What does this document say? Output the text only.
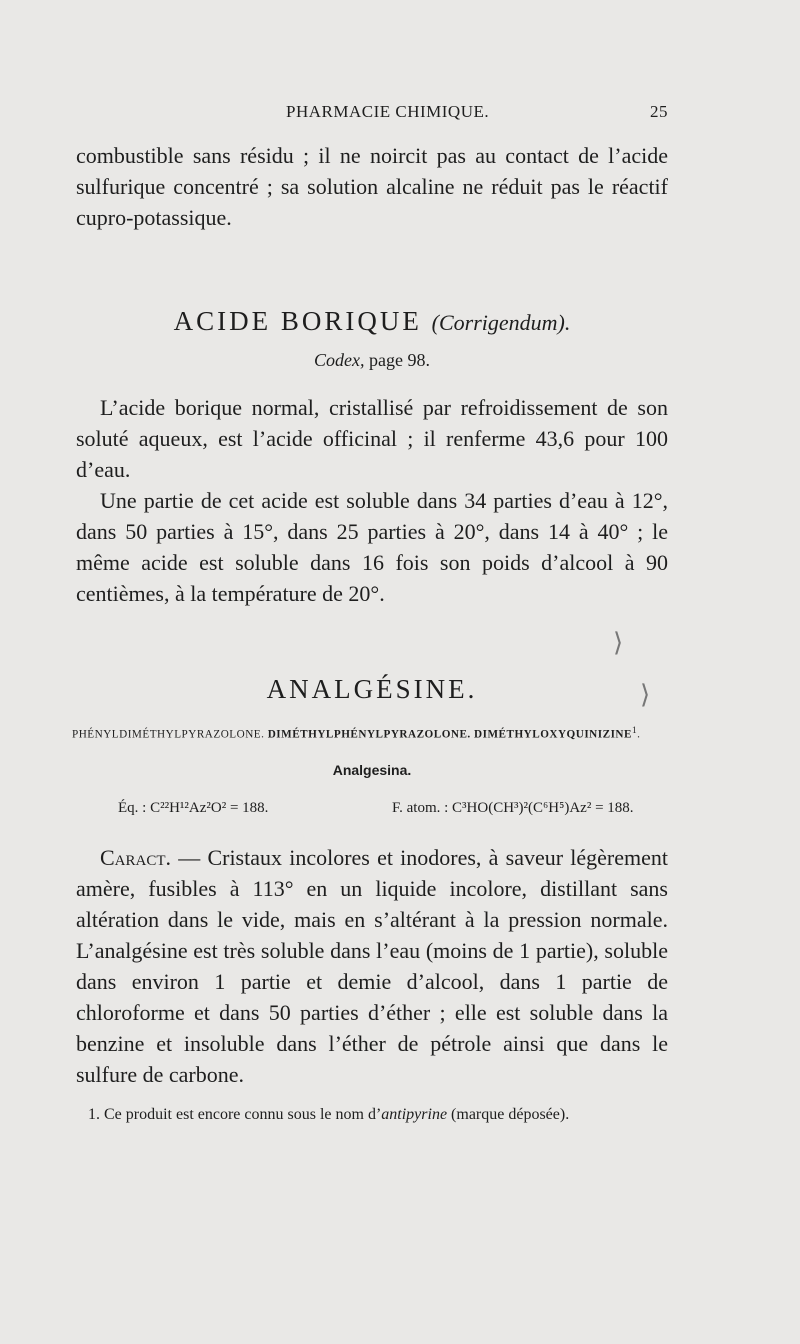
PHARMACIE CHIMIQUE.	25
combustible sans résidu ; il ne noircit pas au contact de l’acide sulfurique concentré ; sa solution alcaline ne réduit pas le réactif cupro-potassique.
ACIDE BORIQUE (Corrigendum).
Codex, page 98.
L’acide borique normal, cristallisé par refroidissement de son soluté aqueux, est l’acide officinal ; il renferme 43,6 pour 100 d’eau.
Une partie de cet acide est soluble dans 34 parties d’eau à 12°, dans 50 parties à 15°, dans 25 parties à 20°, dans 14 à 40° ; le même acide est soluble dans 16 fois son poids d’alcool à 90 centièmes, à la température de 20°.
⟩
⟩
ANALGÉSINE.
PHÉNYLDIMÉTHYLPYRAZOLONE. DIMÉTHYLPHÉNYLPYRAZOLONE. DIMÉTHYLOXYQUINIZINE$^1$.
Analgesina.
Éq. : C²²H¹²Az²O² = 188.	F. atom. : C³HO(CH³)²(C⁶H⁵)Az² = 188.
Caract. — Cristaux incolores et inodores, à saveur légèrement amère, fusibles à 113° en un liquide incolore, distillant sans altération dans le vide, mais en s’altérant à la pression normale. L’analgésine est très soluble dans l’eau (moins de 1 partie), soluble dans environ 1 partie et demie d’alcool, dans 1 partie de chloroforme et dans 50 parties d’éther ; elle est soluble dans la benzine et insoluble dans l’éther de pétrole ainsi que dans le sulfure de carbone.
1. Ce produit est encore connu sous le nom d’antipyrine (marque déposée).
